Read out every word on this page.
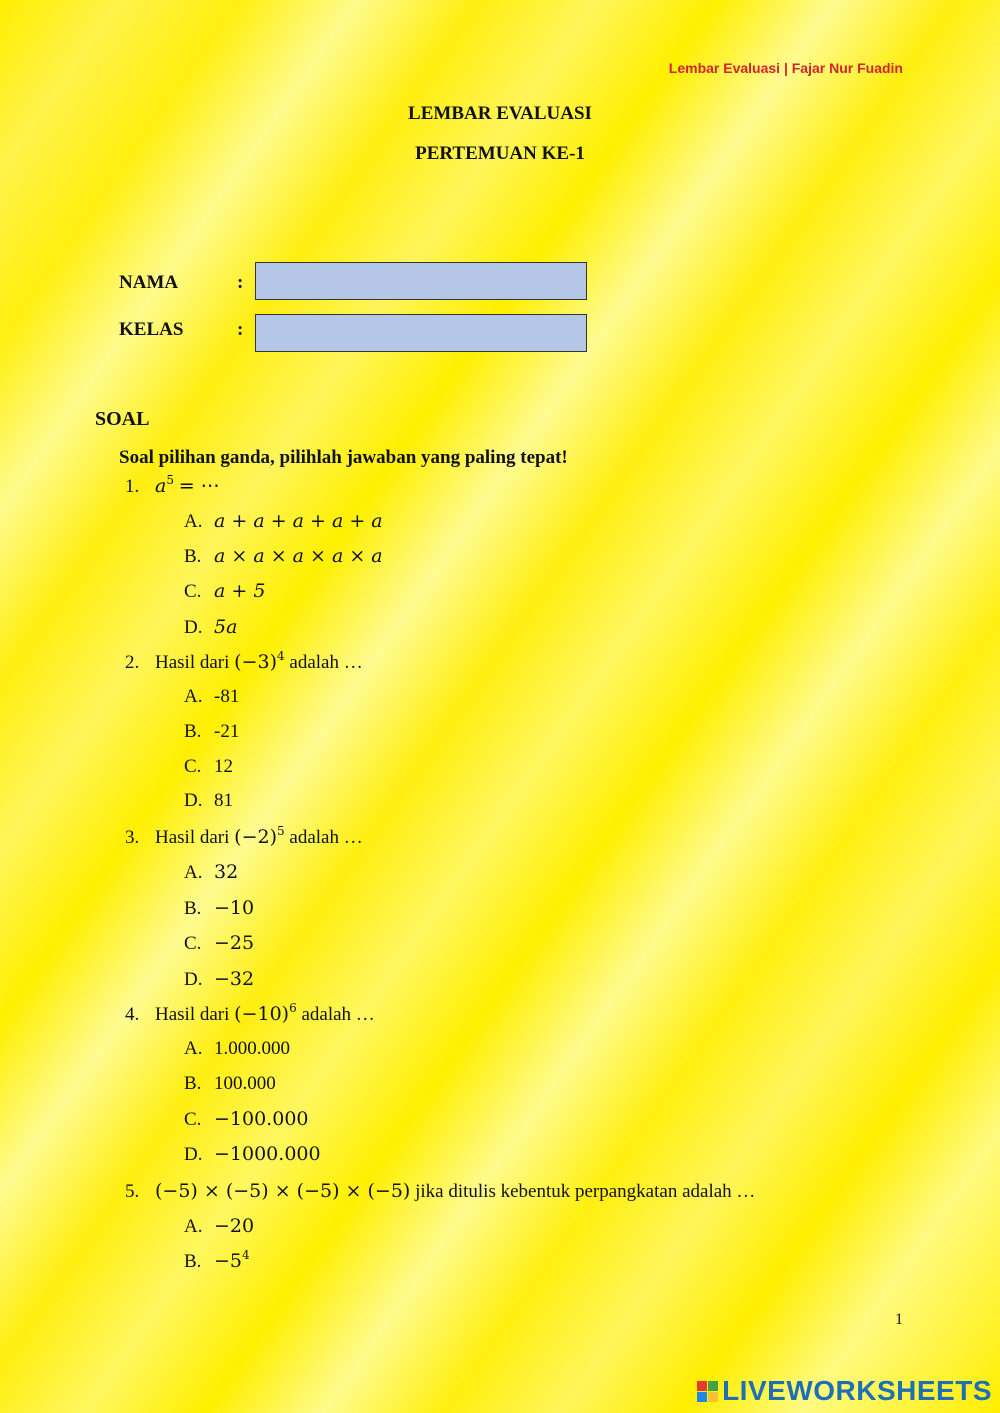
Lembar Evaluasi | Fajar Nur Fuadin
LEMBAR EVALUASI
PERTEMUAN KE-1
NAMA	:
KELAS	:
SOAL
Soal pilihan ganda, pilihlah jawaban yang paling tepat!
1. $a^5$ = ⋯
A. a + a + a + a + a
B. a × a × a × a × a
C. a + 5
D. 5a
2. Hasil dari $(-3)^4$ adalah …
A. -81
B. -21
C. 12
D. 81
3. Hasil dari $(-2)^5$ adalah …
A. 32
B. −10
C. −25
D. −32
4. Hasil dari $(-10)^6$ adalah …
A. 1.000.000
B. 100.000
C. −100.000
D. −1000.000
5. (−5) × (−5) × (−5) × (−5) jika ditulis kebentuk perpangkatan adalah …
A. −20
B. $-5^4$
1
LIVEWORKSHEETS
